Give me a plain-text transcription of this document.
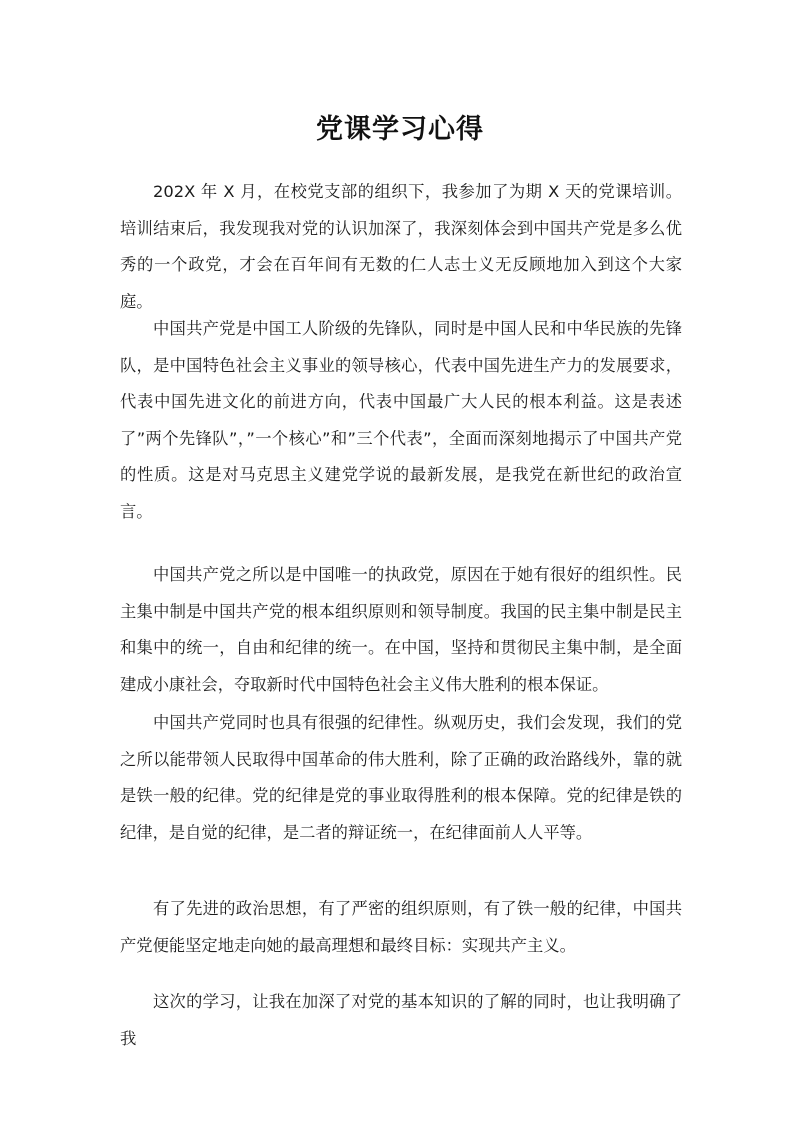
党课学习心得

202X 年 X 月，在校党支部的组织下，我参加了为期 X 天的党课培训。培训结束后，我发现我对党的认识加深了，我深刻体会到中国共产党是多么优秀的一个政党，才会在百年间有无数的仁人志士义无反顾地加入到这个大家庭。

中国共产党是中国工人阶级的先锋队，同时是中国人民和中华民族的先锋队，是中国特色社会主义事业的领导核心，代表中国先进生产力的发展要求，代表中国先进文化的前进方向，代表中国最广大人民的根本利益。这是表述了”两个先锋队”，”一个核心”和”三个代表”，全面而深刻地揭示了中国共产党的性质。这是对马克思主义建党学说的最新发展，是我党在新世纪的政治宣言。

中国共产党之所以是中国唯一的执政党，原因在于她有很好的组织性。民主集中制是中国共产党的根本组织原则和领导制度。我国的民主集中制是民主和集中的统一，自由和纪律的统一。在中国，坚持和贯彻民主集中制，是全面建成小康社会，夺取新时代中国特色社会主义伟大胜利的根本保证。

中国共产党同时也具有很强的纪律性。纵观历史，我们会发现，我们的党之所以能带领人民取得中国革命的伟大胜利，除了正确的政治路线外，靠的就是铁一般的纪律。党的纪律是党的事业取得胜利的根本保障。党的纪律是铁的纪律，是自觉的纪律，是二者的辩证统一，在纪律面前人人平等。

有了先进的政治思想，有了严密的组织原则，有了铁一般的纪律，中国共产党便能坚定地走向她的最高理想和最终目标：实现共产主义。

这次的学习，让我在加深了对党的基本知识的了解的同时，也让我明确了我
